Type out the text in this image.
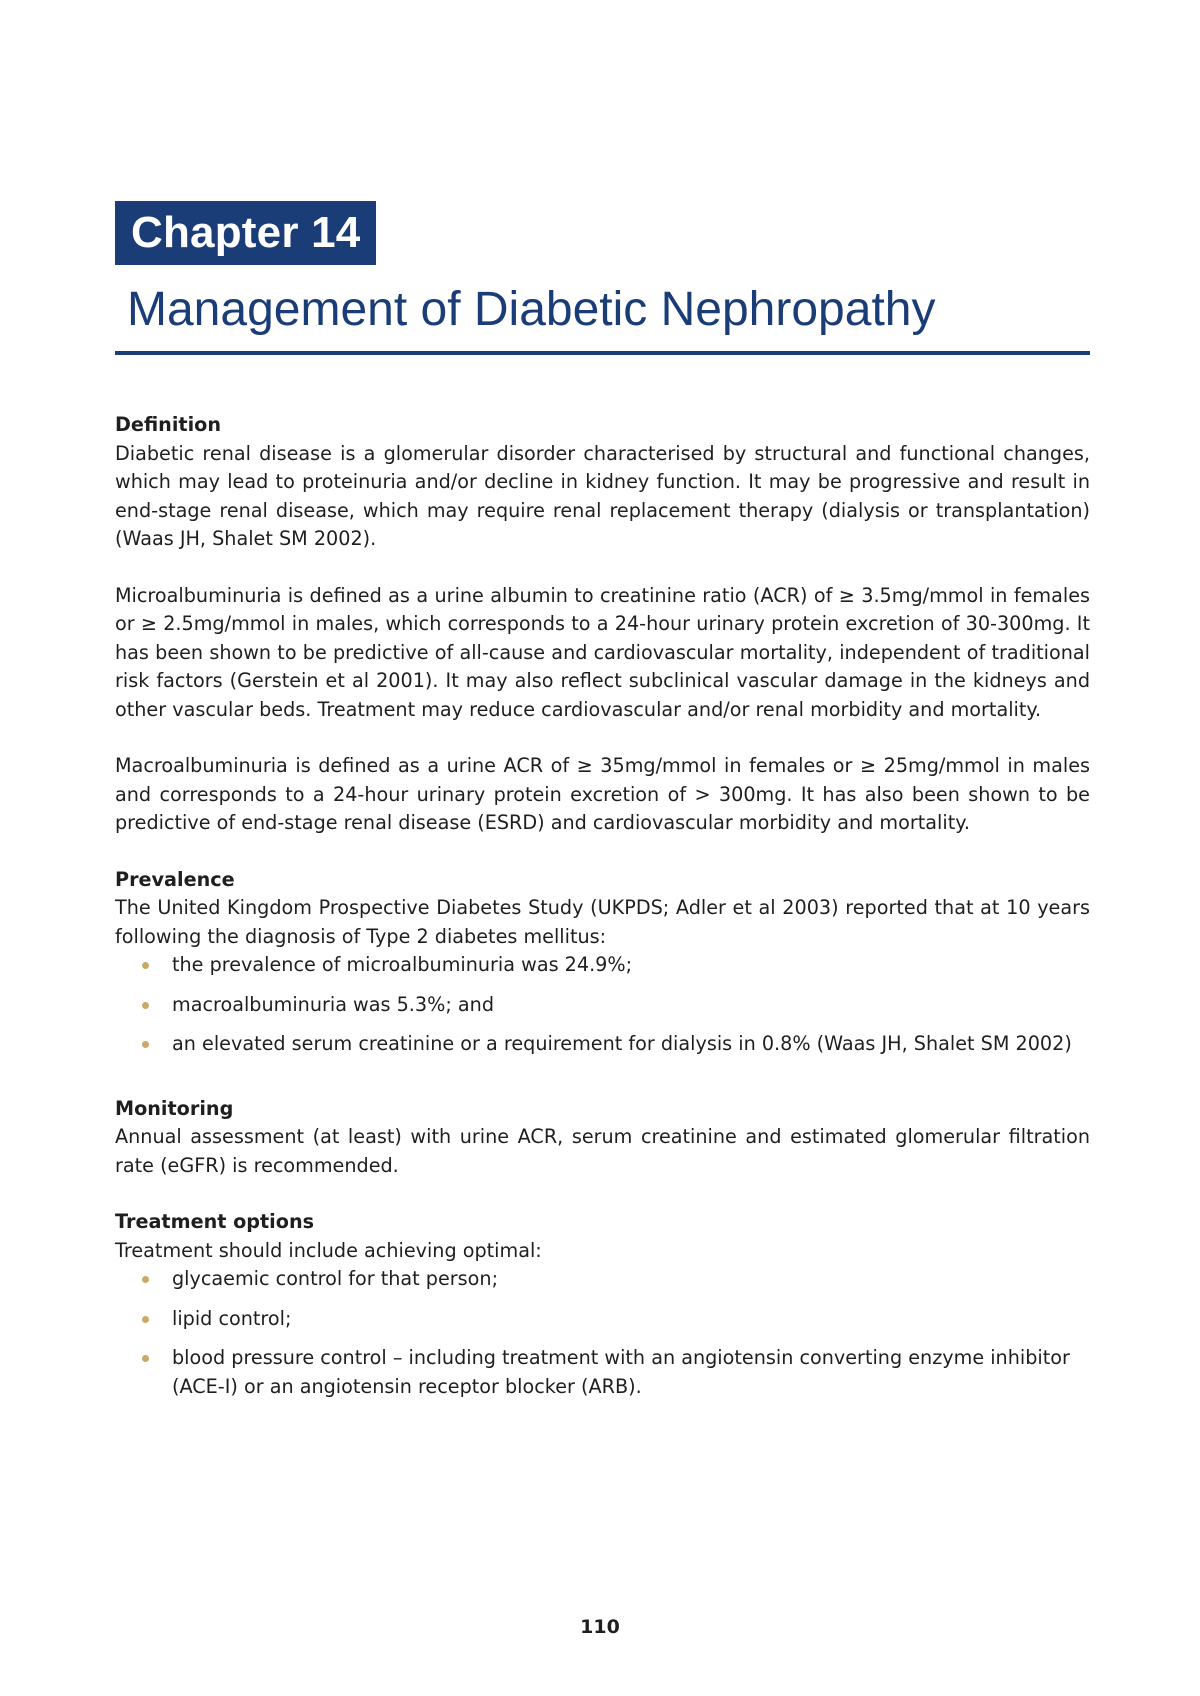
Chapter 14
Management of Diabetic Nephropathy

Definition

Diabetic renal disease is a glomerular disorder characterised by structural and functional changes, which may lead to proteinuria and/or decline in kidney function. It may be progressive and result in end-stage renal disease, which may require renal replacement therapy (dialysis or transplantation) (Waas JH, Shalet SM 2002).

Microalbuminuria is defined as a urine albumin to creatinine ratio (ACR) of ≥ 3.5mg/mmol in females or ≥ 2.5mg/mmol in males, which corresponds to a 24-hour urinary protein excretion of 30-300mg. It has been shown to be predictive of all-cause and cardiovascular mortality, independent of traditional risk factors (Gerstein et al 2001). It may also reflect subclinical vascular damage in the kidneys and other vascular beds. Treatment may reduce cardiovascular and/or renal morbidity and mortality.

Macroalbuminuria is defined as a urine ACR of ≥ 35mg/mmol in females or ≥ 25mg/mmol in males and corresponds to a 24-hour urinary protein excretion of > 300mg. It has also been shown to be predictive of end-stage renal disease (ESRD) and cardiovascular morbidity and mortality.

Prevalence

The United Kingdom Prospective Diabetes Study (UKPDS; Adler et al 2003) reported that at 10 years following the diagnosis of Type 2 diabetes mellitus:

the prevalence of microalbuminuria was 24.9%;
macroalbuminuria was 5.3%; and
an elevated serum creatinine or a requirement for dialysis in 0.8% (Waas JH, Shalet SM 2002)

Monitoring

Annual assessment (at least) with urine ACR, serum creatinine and estimated glomerular filtration rate (eGFR) is recommended.

Treatment options

Treatment should include achieving optimal:

glycaemic control for that person;
lipid control;
blood pressure control – including treatment with an angiotensin converting enzyme inhibitor (ACE-I) or an angiotensin receptor blocker (ARB).
110
